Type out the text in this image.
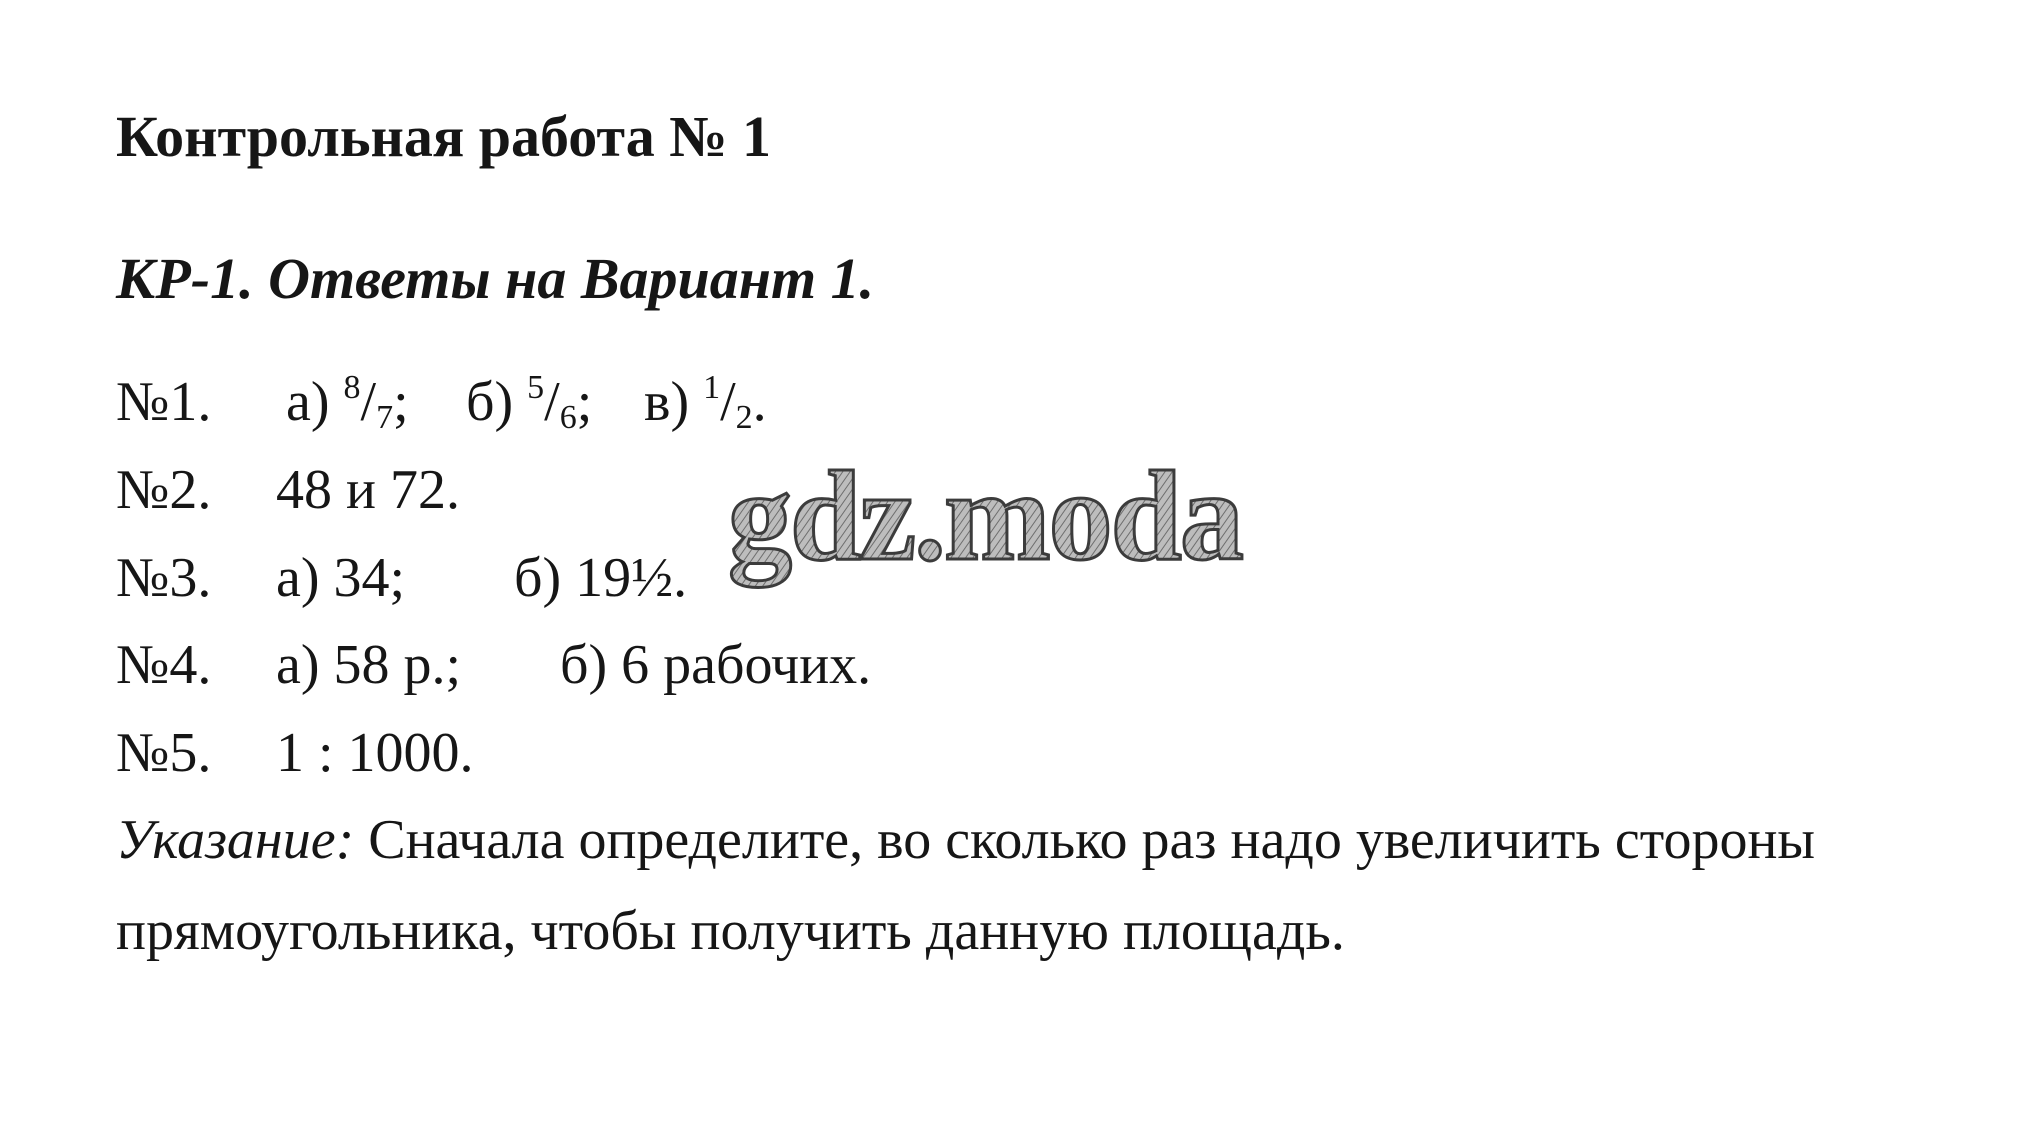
Контрольная работа № 1
КР-1. Ответы на Вариант 1.
№1. а) $^8/_7$; б) $^5/_6$; в) $^1/_2$.
№2. 48 и 72.
№3. а) 34; б) 19½.
№4. а) 58 р.; б) 6 рабочих.
№5. 1 : 1000.
Указание: Сначала определите, во сколько раз надо увеличить стороны
прямоугольника, чтобы получить данную площадь.
gdz.moda
